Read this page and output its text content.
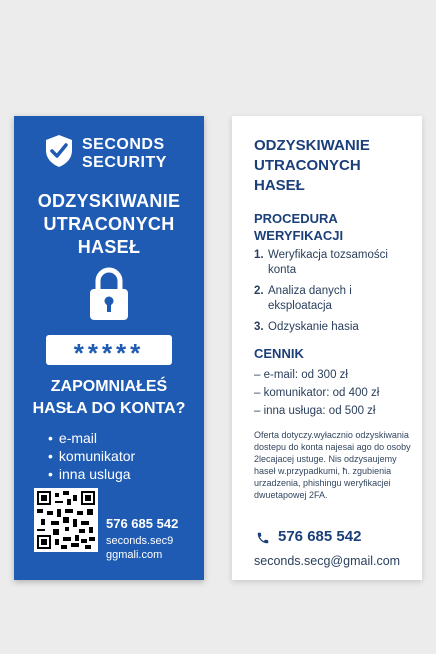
SECONDS
SECURITY
ODZYSKIWANIE
UTRACONYCH
HASEŁ
*****
ZAPOMNIAŁEŚ
HASŁA DO KONTA?
• e-mail
• komunikator
• inna usluga
576 685 542
seconds.sec9
ggmali.com
ODZYSKIWANIE
UTRACONYCH
HASEŁ
PROCEDURA
WERYFIKACJI
1. Weryfikacja tozsamości konta
2. Analiza danych i eksploatacja
3. Odzyskanie hasia
CENNIK
– e-mail: od 300 zł
– komunikator: od 400 zł
– inna usługa: od 500 zł
Oferta dotyczy.wyłacznio odzyskiwania dostepu do konta najesai ago do osoby 2lecajacej ustuge. Nis odzysaujemy haseł w.przypadkumi, ħ. zgubienia urzadzenia, phishingu weryfikacjei dwuetapowej 2FA.
576 685 542
seconds.secg@gmail.com
